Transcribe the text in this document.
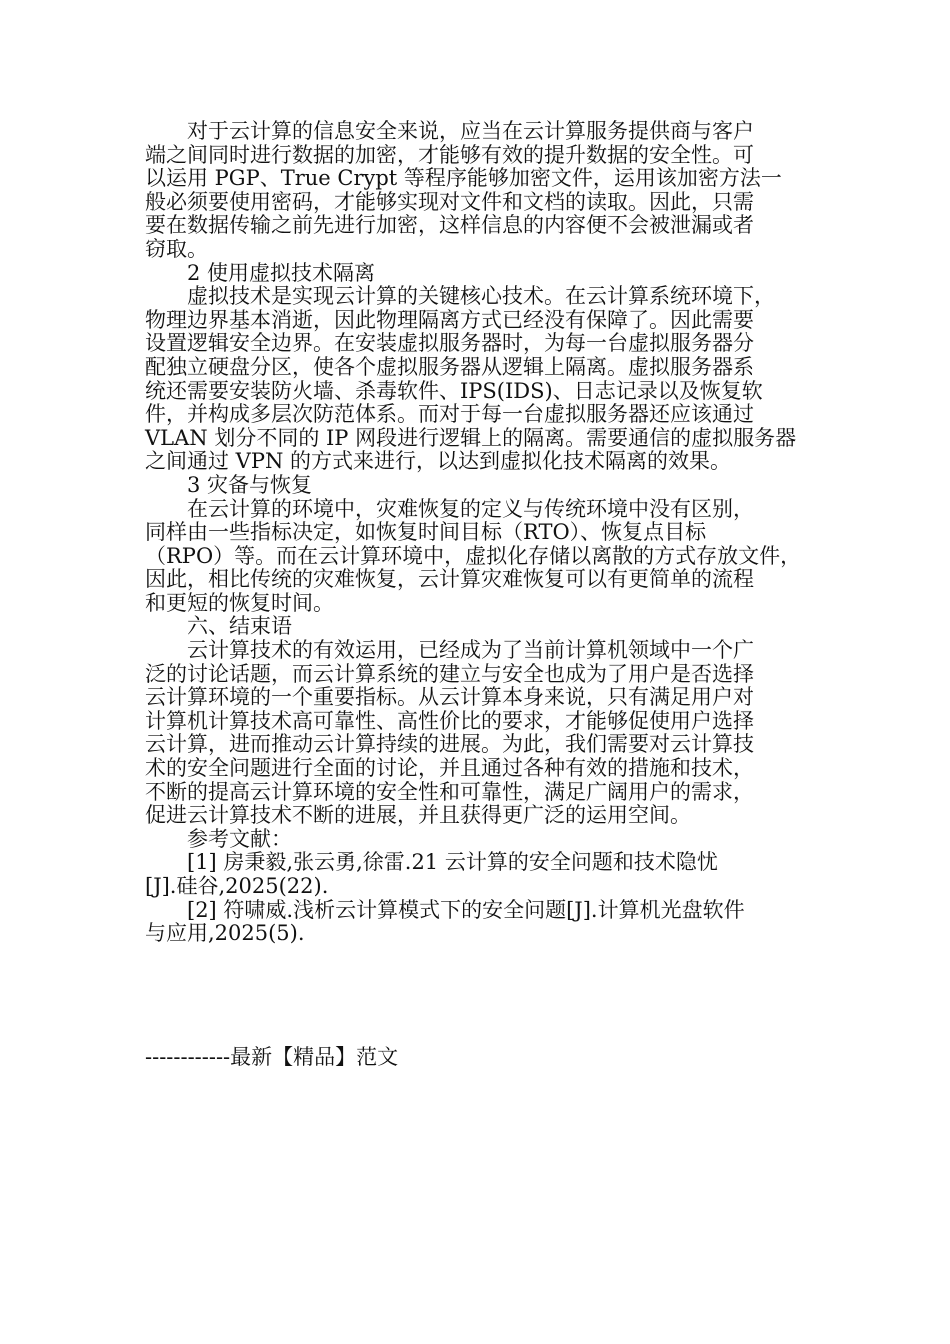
对于云计算的信息安全来说，应当在云计算服务提供商与客户
端之间同时进行数据的加密，才能够有效的提升数据的安全性。可
以运用 PGP、True Crypt 等程序能够加密文件，运用该加密方法一
般必须要使用密码，才能够实现对文件和文档的读取。因此，只需
要在数据传输之前先进行加密，这样信息的内容便不会被泄漏或者
窃取。
2 使用虚拟技术隔离
虚拟技术是实现云计算的关键核心技术。在云计算系统环境下，
物理边界基本消逝，因此物理隔离方式已经没有保障了。因此需要
设置逻辑安全边界。在安装虚拟服务器时，为每一台虚拟服务器分
配独立硬盘分区，使各个虚拟服务器从逻辑上隔离。虚拟服务器系
统还需要安装防火墙、杀毒软件、IPS(IDS)、日志记录以及恢复软
件，并构成多层次防范体系。而对于每一台虚拟服务器还应该通过
VLAN 划分不同的 IP 网段进行逻辑上的隔离。需要通信的虚拟服务器
之间通过 VPN 的方式来进行，以达到虚拟化技术隔离的效果。
3 灾备与恢复
在云计算的环境中，灾难恢复的定义与传统环境中没有区别，
同样由一些指标决定，如恢复时间目标（RTO）、恢复点目标
（RPO）等。而在云计算环境中，虚拟化存储以离散的方式存放文件，
因此，相比传统的灾难恢复，云计算灾难恢复可以有更简单的流程
和更短的恢复时间。
六、结束语
云计算技术的有效运用，已经成为了当前计算机领域中一个广
泛的讨论话题，而云计算系统的建立与安全也成为了用户是否选择
云计算环境的一个重要指标。从云计算本身来说，只有满足用户对
计算机计算技术高可靠性、高性价比的要求，才能够促使用户选择
云计算，进而推动云计算持续的进展。为此，我们需要对云计算技
术的安全问题进行全面的讨论，并且通过各种有效的措施和技术，
不断的提高云计算环境的安全性和可靠性，满足广阔用户的需求，
促进云计算技术不断的进展，并且获得更广泛的运用空间。
参考文献：
[1] 房秉毅,张云勇,徐雷.21 云计算的安全问题和技术隐忧
[J].硅谷,2025(22).
[2] 符啸威.浅析云计算模式下的安全问题[J].计算机光盘软件
与应用,2025(5).
------------最新【精品】范文
